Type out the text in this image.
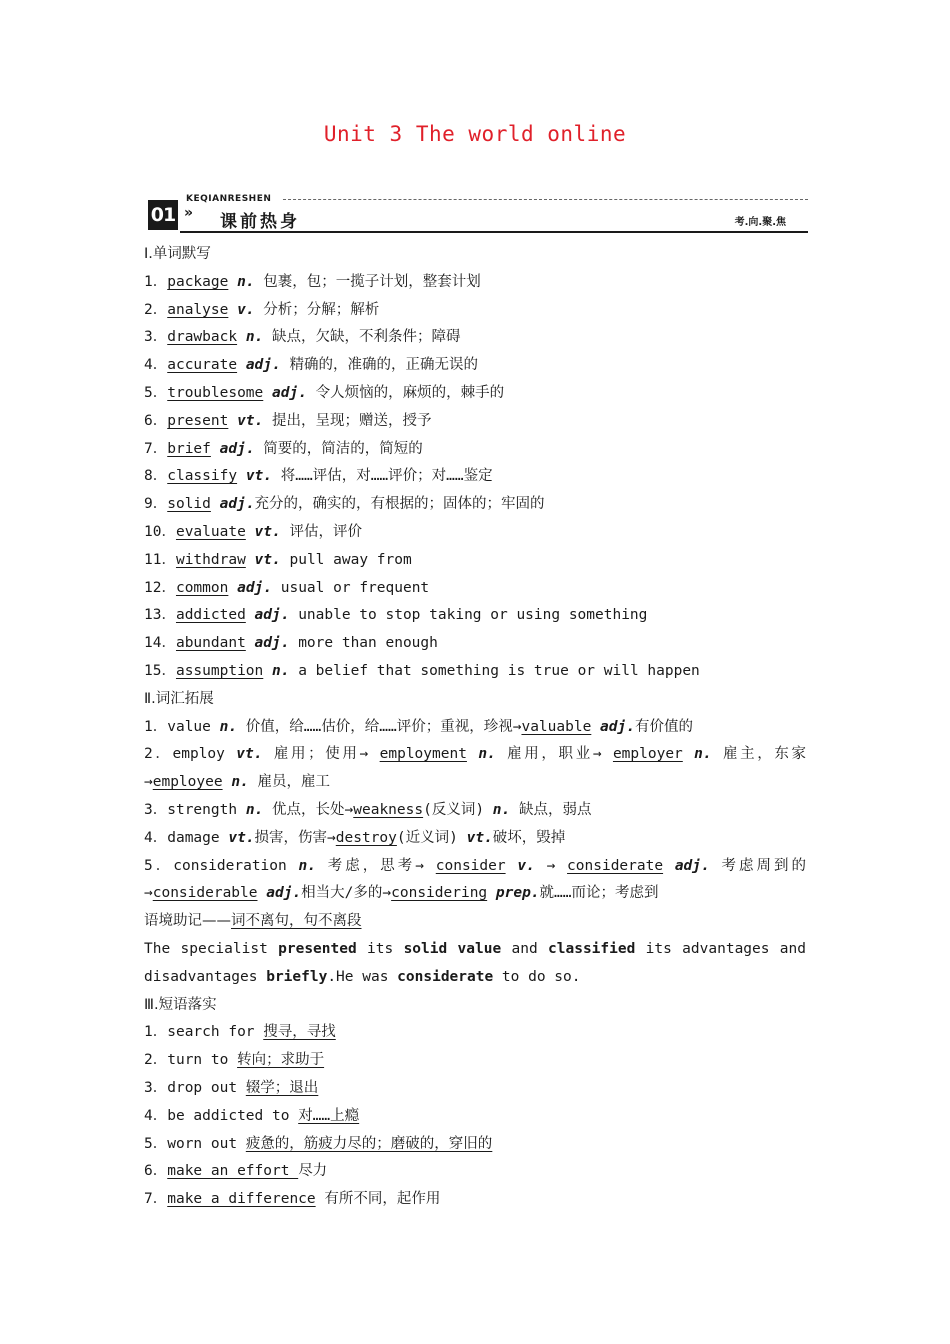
Unit 3 The world online
01
KEQIANRESHEN
» 课前热身	考.向.聚.焦
Ⅰ.单词默写
1．package n. 包裹，包；一揽子计划，整套计划
2．analyse v. 分析；分解；解析
3．drawback n. 缺点，欠缺，不利条件；障碍
4．accurate adj. 精确的，准确的，正确无误的
5．troublesome adj. 令人烦恼的，麻烦的，棘手的
6．present vt. 提出，呈现；赠送，授予
7．brief adj. 简要的，简洁的，简短的
8．classify vt. 将……评估，对……评价；对……鉴定
9．solid adj.充分的，确实的，有根据的；固体的；牢固的
10．evaluate vt. 评估，评价
11．withdraw vt. pull away from
12．common adj. usual or frequent
13．addicted adj. unable to stop taking or using something
14．abundant adj. more than enough
15．assumption n. a belief that something is true or will happen
Ⅱ.词汇拓展
1．value n. 价值，给……估价，给……评价；重视，珍视→valuable adj.有价值的
2．employ vt. 雇用；使用→ employment n. 雇用，职业→ employer n. 雇主，东家
→employee n. 雇员，雇工
3．strength n. 优点，长处→weakness(反义词) n. 缺点，弱点
4．damage vt.损害，伤害→destroy(近义词) vt.破坏，毁掉
5．consideration n. 考虑，思考→ consider v. → considerate adj. 考虑周到的
→considerable adj.相当大/多的→considering prep.就……而论；考虑到
语境助记——词不离句，句不离段
The specialist presented its solid value and classified its advantages and
disadvantages briefly.He was considerate to do so.
Ⅲ.短语落实
1．search for 搜寻，寻找
2．turn to 转向；求助于
3．drop out 辍学；退出
4．be addicted to 对……上瘾
5．worn out 疲惫的，筋疲力尽的；磨破的，穿旧的
6．make an effort 尽力
7．make a difference 有所不同，起作用
